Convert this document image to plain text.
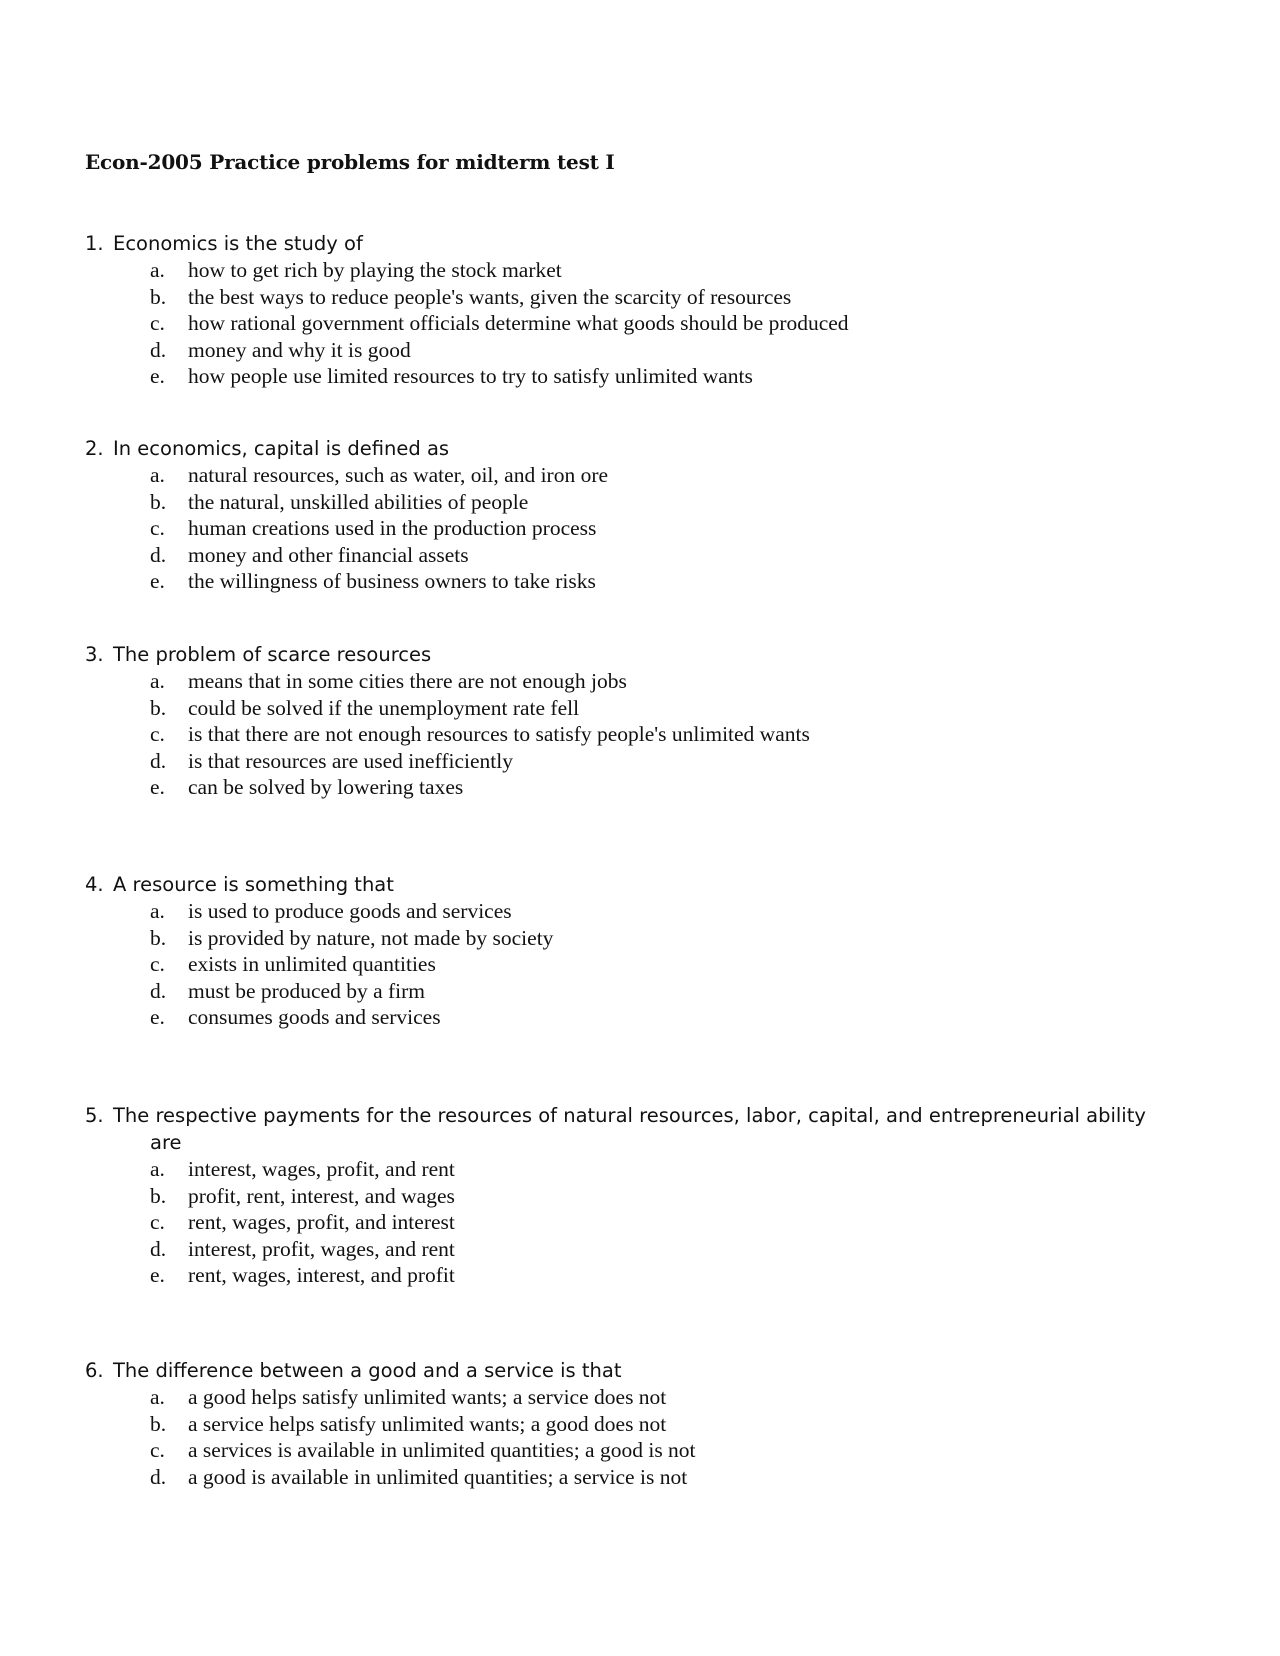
Econ-2005 Practice problems for midterm test I
1. Economics is the study of
a. how to get rich by playing the stock market
b. the best ways to reduce people's wants, given the scarcity of resources
c. how rational government officials determine what goods should be produced
d. money and why it is good
e. how people use limited resources to try to satisfy unlimited wants
2. In economics, capital is defined as
a. natural resources, such as water, oil, and iron ore
b. the natural, unskilled abilities of people
c. human creations used in the production process
d. money and other financial assets
e. the willingness of business owners to take risks
3. The problem of scarce resources
a. means that in some cities there are not enough jobs
b. could be solved if the unemployment rate fell
c. is that there are not enough resources to satisfy people's unlimited wants
d. is that resources are used inefficiently
e. can be solved by lowering taxes
4. A resource is something that
a. is used to produce goods and services
b. is provided by nature, not made by society
c. exists in unlimited quantities
d. must be produced by a firm
e. consumes goods and services
5. The respective payments for the resources of natural resources, labor, capital, and entrepreneurial ability
are
a. interest, wages, profit, and rent
b. profit, rent, interest, and wages
c. rent, wages, profit, and interest
d. interest, profit, wages, and rent
e. rent, wages, interest, and profit
6. The difference between a good and a service is that
a. a good helps satisfy unlimited wants; a service does not
b. a service helps satisfy unlimited wants; a good does not
c. a services is available in unlimited quantities; a good is not
d. a good is available in unlimited quantities; a service is not
